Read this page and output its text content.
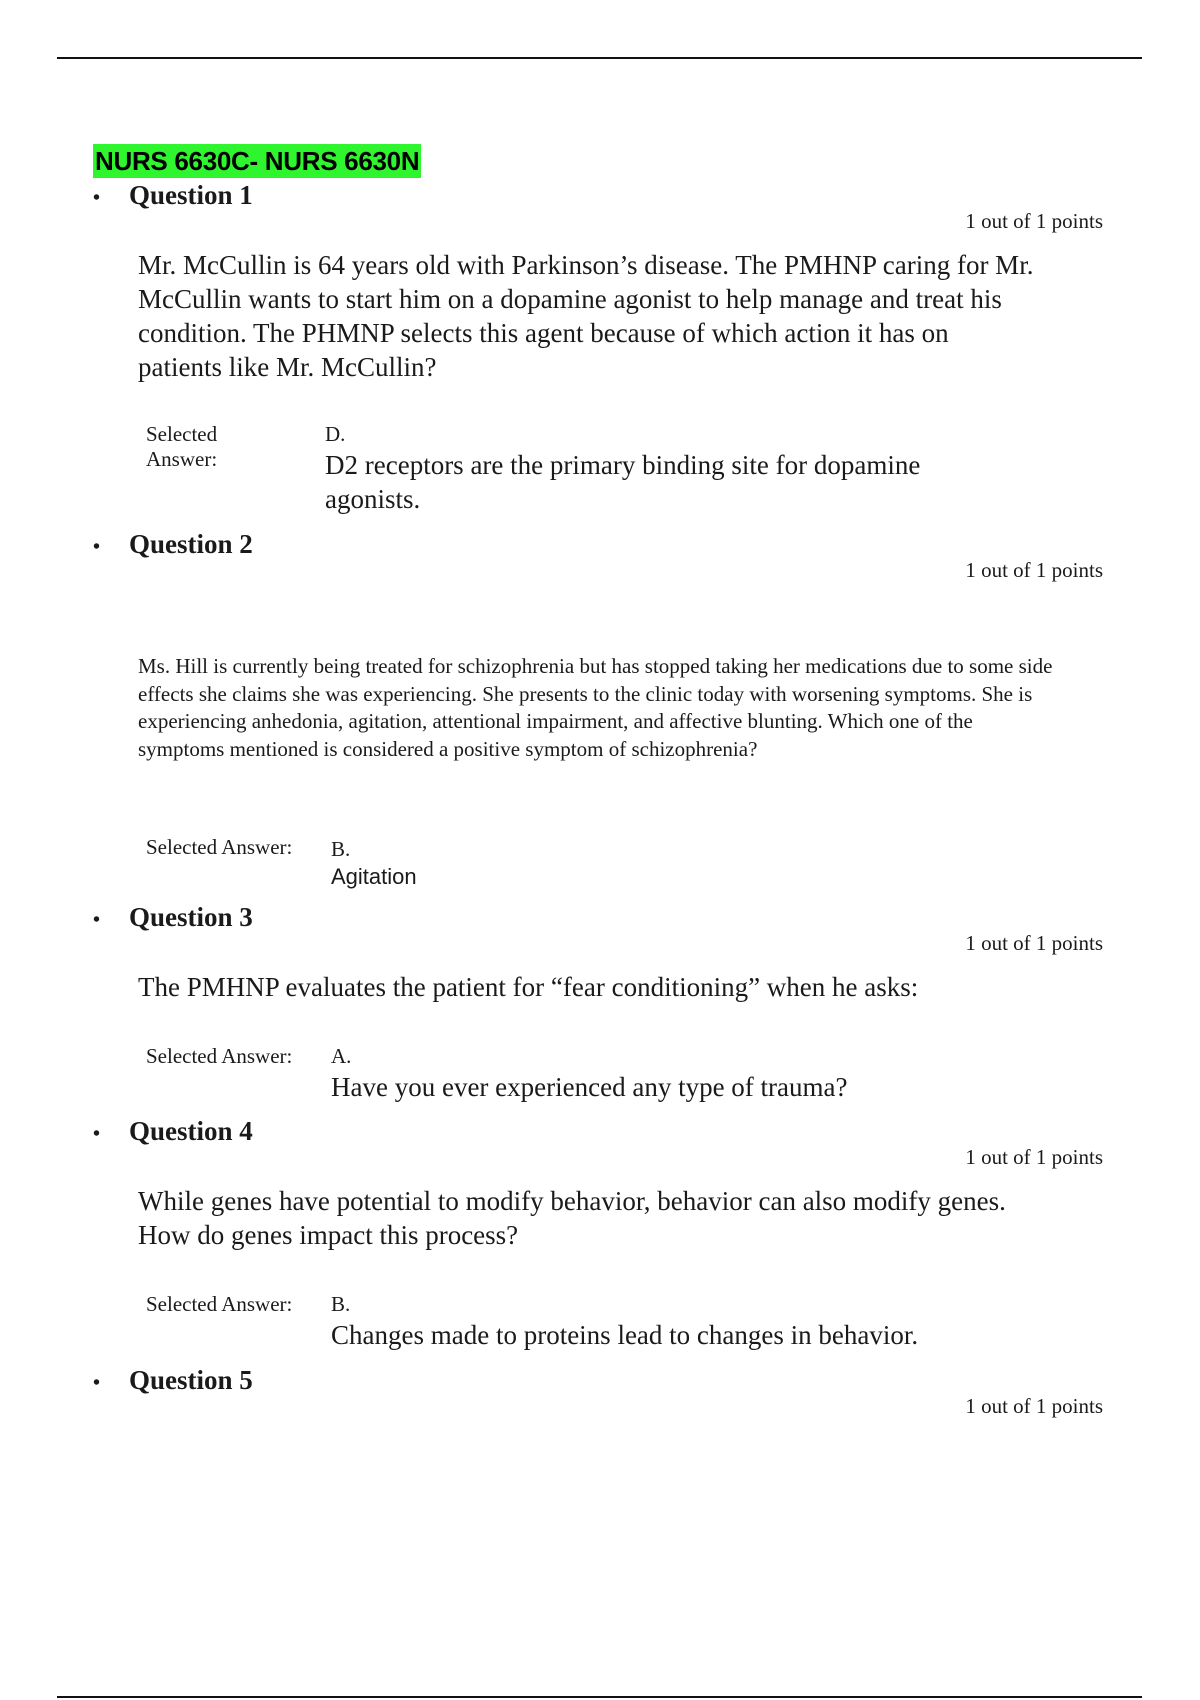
NURS 6630C- NURS 6630N
• Question 1
1 out of 1 points
Mr. McCullin is 64 years old with Parkinson’s disease. The PMHNP caring for Mr. McCullin wants to start him on a dopamine agonist to help manage and treat his condition. The PHMNP selects this agent because of which action it has on patients like Mr. McCullin?
Selected Answer:
D.
D2 receptors are the primary binding site for dopamine agonists.
• Question 2
1 out of 1 points
Ms. Hill is currently being treated for schizophrenia but has stopped taking her medications due to some side effects she claims she was experiencing. She presents to the clinic today with worsening symptoms. She is experiencing anhedonia, agitation, attentional impairment, and affective blunting. Which one of the symptoms mentioned is considered a positive symptom of schizophrenia?
Selected Answer: B.
Agitation
• Question 3
1 out of 1 points
The PMHNP evaluates the patient for “fear conditioning” when he asks:
Selected Answer: A.
Have you ever experienced any type of trauma?
• Question 4
1 out of 1 points
While genes have potential to modify behavior, behavior can also modify genes. How do genes impact this process?
Selected Answer: B.
Changes made to proteins lead to changes in behavior.
• Question 5
1 out of 1 points
